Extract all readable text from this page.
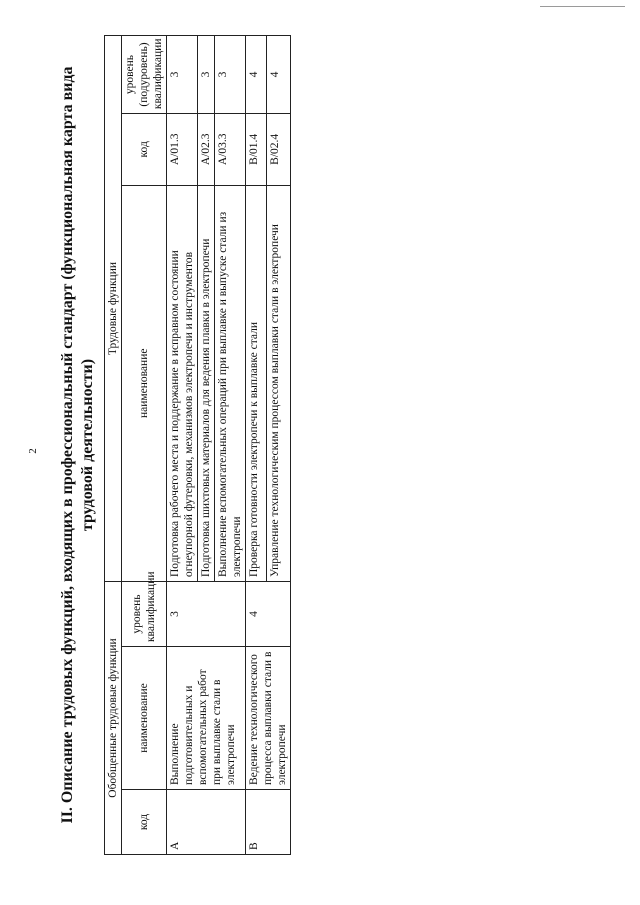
2 II. Описание трудовых функций, входящих в профессиональный стандарт (функциональная карта вида трудовой деятельности)
Обобщенные трудовые функции			Трудовые функции		
код	наименование	уровень квалификации	наименование	код	уровень (подуровень) квалификации
A	Выполнение подготовительных и вспомогательных работ при выплавке стали в электропечи	3	Подготовка рабочего места и поддержание в исправном состоянии огнеупорной футеровки, механизмов электропечи и инструментов	A/01.3	3
			Подготовка шихтовых материалов для ведения плавки в электропечи	A/02.3	3
			Выполнение вспомогательных операций при выплавке и выпуске стали из электропечи	A/03.3	3
B	Ведение технологического процесса выплавки стали в электропечи	4	Проверка готовности электропечи к выплавке стали	B/01.4	4
			Управление технологическим процессом выплавки стали в электропечи	B/02.4	4
